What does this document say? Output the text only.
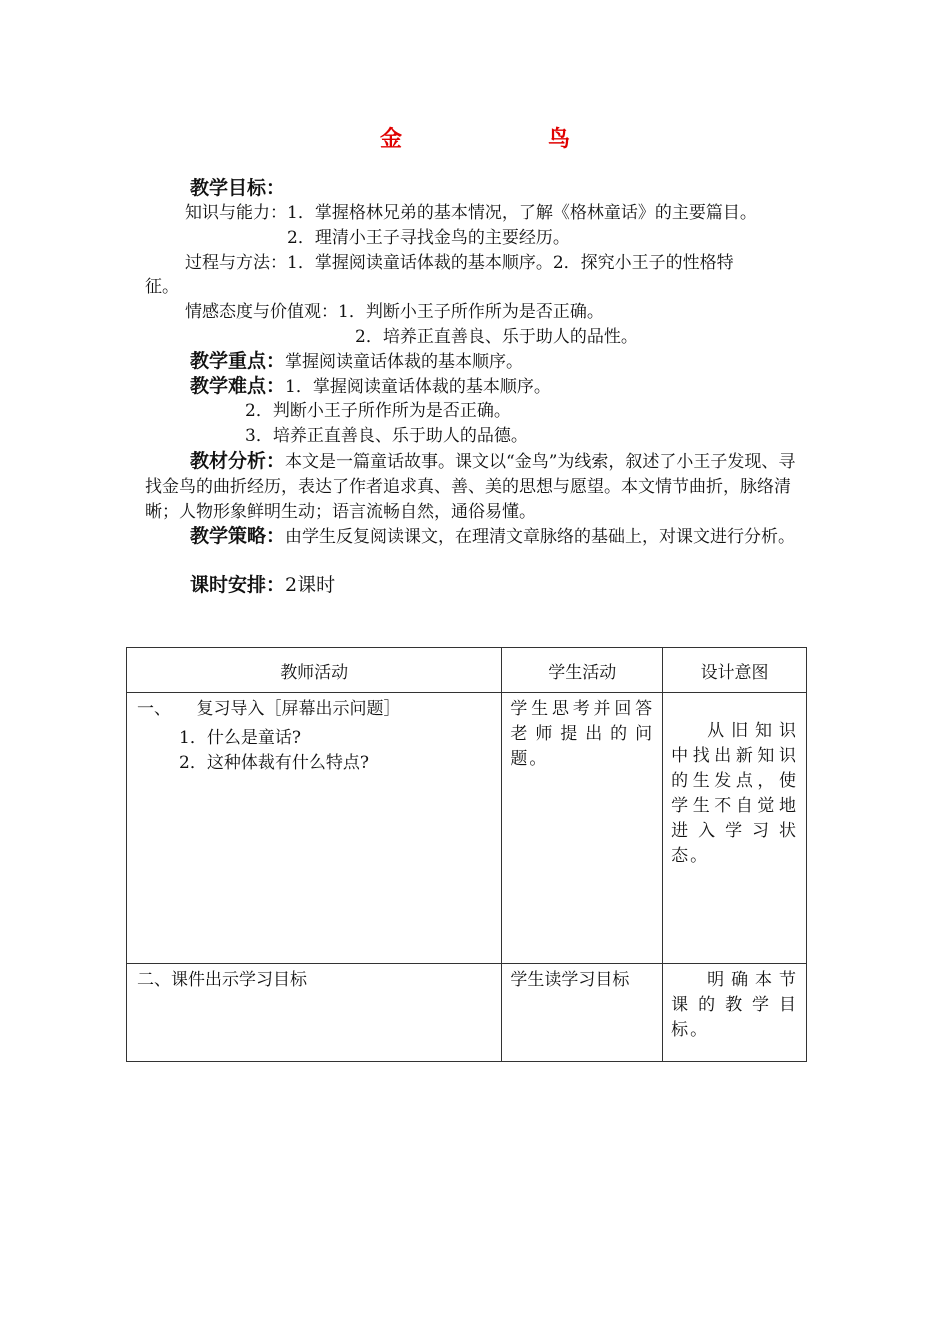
金　鸟
教学目标：
知识与能力：1．掌握格林兄弟的基本情况，了解《格林童话》的主要篇目。
2．理清小王子寻找金鸟的主要经历。
过程与方法：1．掌握阅读童话体裁的基本顺序。2．探究小王子的性格特
征。
情感态度与价值观：1．判断小王子所作所为是否正确。
2．培养正直善良、乐于助人的品性。
教学重点：掌握阅读童话体裁的基本顺序。
教学难点：1．掌握阅读童话体裁的基本顺序。
2．判断小王子所作所为是否正确。
3．培养正直善良、乐于助人的品德。
教材分析：本文是一篇童话故事。课文以“金鸟”为线索，叙述了小王子发现、寻找金鸟的曲折经历，表达了作者追求真、善、美的思想与愿望。本文情节曲折，脉络清晰；人物形象鲜明生动；语言流畅自然，通俗易懂。
教学策略：由学生反复阅读课文，在理清文章脉络的基础上，对课文进行分析。
课时安排：2课时
教师活动	学生活动	设计意图

一、　　复习导入［屏幕出示问题］
1．什么是童话?
2．这种体裁有什么特点?	学生思考并回答老师提出的问题。	从旧知识中找出新知识的生发点，使学生不自觉地进入学习状态。

二、课件出示学习目标	学生读学习目标	明确本节课的教学目标。
